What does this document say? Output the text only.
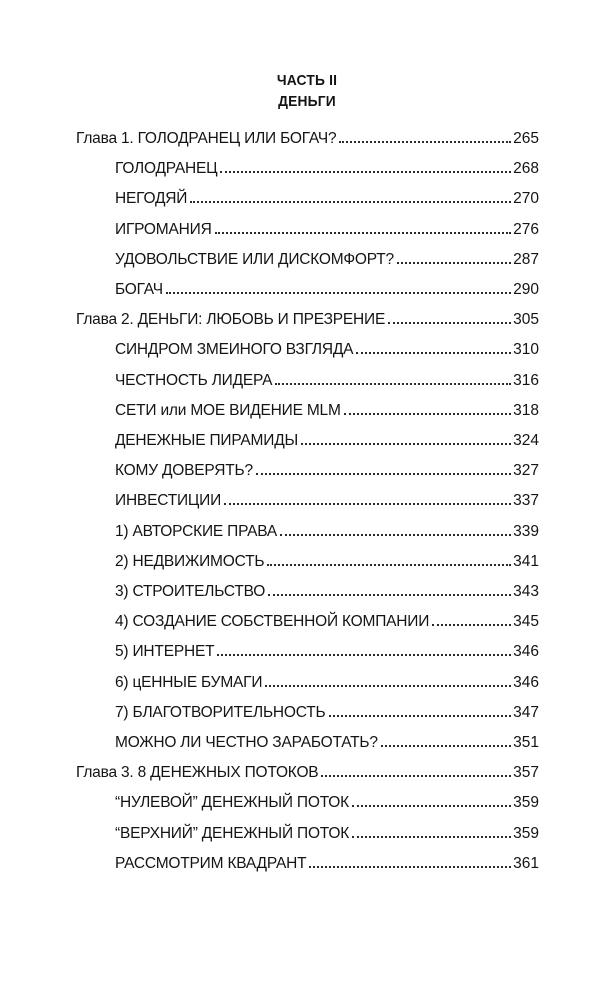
ЧАСТЬ II
ДЕНЬГИ
Глава 1. ГОЛОДРАНЕЦ ИЛИ БОГАЧ?	265
ГОЛОДРАНЕЦ	268
НЕГОДЯЙ	270
ИГРОМАНИЯ	276
УДОВОЛЬСТВИЕ ИЛИ ДИСКОМФОРТ?	287
БОГАЧ	290
Глава 2. ДЕНЬГИ: ЛЮБОВЬ И ПРЕЗРЕНИЕ	305
СИНДРОМ ЗМЕИНОГО ВЗГЛЯДА	310
ЧЕСТНОСТЬ ЛИДЕРА	316
СЕТИ или МОЕ ВИДЕНИЕ MLM	318
ДЕНЕЖНЫЕ ПИРАМИДЫ	324
КОМУ ДОВЕРЯТЬ?	327
ИНВЕСТИЦИИ	337
1) АВТОРСКИЕ ПРАВА	339
2) НЕДВИЖИМОСТЬ	341
3) СТРОИТЕЛЬСТВО	343
4) СОЗДАНИЕ СОБСТВЕННОЙ КОМПАНИИ	345
5) ИНТЕРНЕТ	346
6) цЕННЫЕ БУМАГИ	346
7) БЛАГОТВОРИТЕЛЬНОСТЬ	347
МОЖНО ЛИ ЧЕСТНО ЗАРАБОТАТЬ?	351
Глава 3. 8 ДЕНЕЖНЫХ ПОТОКОВ	357
“НУЛЕВОЙ” ДЕНЕЖНЫЙ ПОТОК	359
“ВЕРХНИЙ” ДЕНЕЖНЫЙ ПОТОК	359
РАССМОТРИМ КВАДРАНТ	361
